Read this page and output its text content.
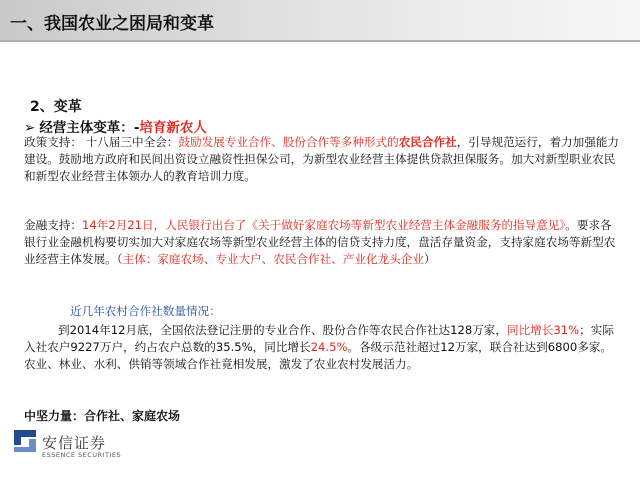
一、我国农业之困局和变革
2、变革
➢ 经营主体变革：-培育新农人
政策支持： 十八届三中全会：鼓励发展专业合作、股份合作等多种形式的农民合作社，引导规范运行，着力加强能力建设。鼓励地方政府和民间出资设立融资性担保公司，为新型农业经营主体提供贷款担保服务。加大对新型职业农民和新型农业经营主体领办人的教育培训力度。
金融支持：14年2月21日，人民银行出台了《关于做好家庭农场等新型农业经营主体金融服务的指导意见》。要求各银行业金融机构要切实加大对家庭农场等新型农业经营主体的信贷支持力度，盘活存量资金，支持家庭农场等新型农业经营主体发展。（主体：家庭农场、专业大户、农民合作社、产业化龙头企业）
近几年农村合作社数量情况：
到2014年12月底，全国依法登记注册的专业合作、股份合作等农民合作社达128万家，同比增长31%；实际入社农户9227万户，约占农户总数的35.5%，同比增长24.5%。各级示范社超过12万家，联合社达到6800多家。农业、林业、水利、供销等领域合作社竟相发展，激发了农业农村发展活力。
中坚力量：合作社、家庭农场
安信证券
ESSENCE SECURITIES
